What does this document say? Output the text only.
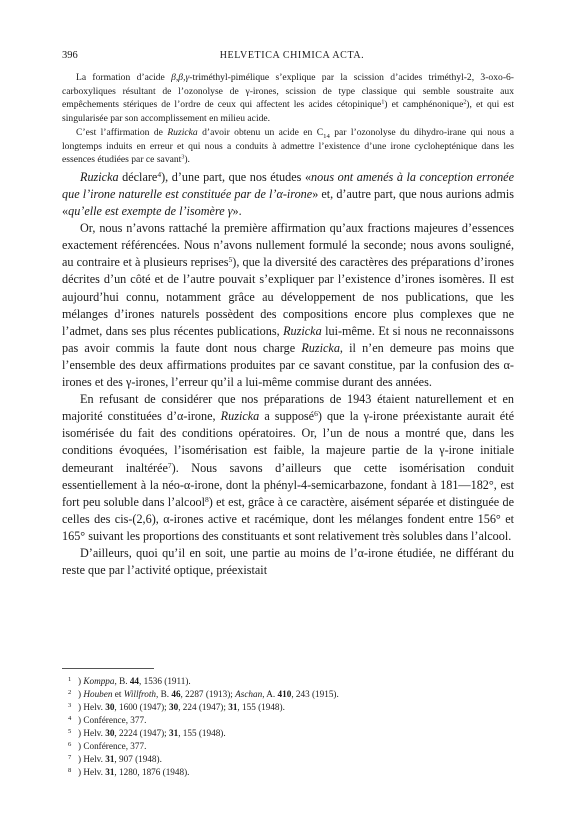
396	HELVETICA CHIMICA ACTA.

La formation d’acide β,β,γ-triméthyl-pimélique s’explique par la scission d’acides triméthyl-2, 3-oxo-6-carboxyliques résultant de l’ozonolyse de γ-irones, scission de type classique qui semble soustraite aux empêchements stériques de l’ordre de ceux qui affectent les acides cétopinique$^1$) et camphénonique$^2$), et qui est singularisée par son accomplissement en milieu acide.

C’est l’affirmation de Ruzicka d’avoir obtenu un acide en $C_{14}$ par l’ozonolyse du dihydro-irane qui nous a longtemps induits en erreur et qui nous a conduits à admettre l’existence d’une irone cyclohepténique dans les essences étudiées par ce savant$^3$).

Ruzicka déclare$^4$), d’une part, que nos études «nous ont amenés à la conception erronée que l’irone naturelle est constituée par de l’α-irone» et, d’autre part, que nous aurions admis «qu’elle est exempte de l’isomère γ».

Or, nous n’avons rattaché la première affirmation qu’aux fractions majeures d’essences exactement référencées. Nous n’avons nullement formulé la seconde; nous avons souligné, au contraire et à plusieurs reprises$^5$), que la diversité des caractères des préparations d’irones décrites d’un côté et de l’autre pouvait s’expliquer par l’existence d’irones isomères. Il est aujourd’hui connu, notamment grâce au développement de nos publications, que les mélanges d’irones naturels possèdent des compositions encore plus complexes que ne l’admet, dans ses plus récentes publications, Ruzicka lui-même. Et si nous ne reconnaissons pas avoir commis la faute dont nous charge Ruzicka, il n’en demeure pas moins que l’ensemble des deux affirmations produites par ce savant constitue, par la confusion des α-irones et des γ-irones, l’erreur qu’il a lui-même commise durant des années.

En refusant de considérer que nos préparations de 1943 étaient naturellement et en majorité constituées d’α-irone, Ruzicka a supposé$^6$) que la γ-irone préexistante aurait été isomérisée du fait des conditions opératoires. Or, l’un de nous a montré que, dans les conditions évoquées, l’isomérisation est faible, la majeure partie de la γ-irone initiale demeurant inaltérée$^7$). Nous savons d’ailleurs que cette isomérisation conduit essentiellement à la néo-α-irone, dont la phényl-4-semicarbazone, fondant à 181—182°, est fort peu soluble dans l’alcool$^8$) et est, grâce à ce caractère, aisément séparée et distinguée de celles des cis-(2,6), α-irones active et racémique, dont les mélanges fondent entre 156° et 165° suivant les proportions des constituants et sont relativement très solubles dans l’alcool.

D’ailleurs, quoi qu’il en soit, une partie au moins de l’α-irone étudiée, ne différant du reste que par l’activité optique, préexistait

1 ) Komppa, B. 44, 1536 (1911).

2 ) Houben et Willfroth, B. 46, 2287 (1913); Aschan, A. 410, 243 (1915).

3 ) Helv. 30, 1600 (1947); 30, 224 (1947); 31, 155 (1948).

4 ) Conférence, 377.

5 ) Helv. 30, 2224 (1947); 31, 155 (1948).

6 ) Conférence, 377.

7 ) Helv. 31, 907 (1948).

8 ) Helv. 31, 1280, 1876 (1948).
